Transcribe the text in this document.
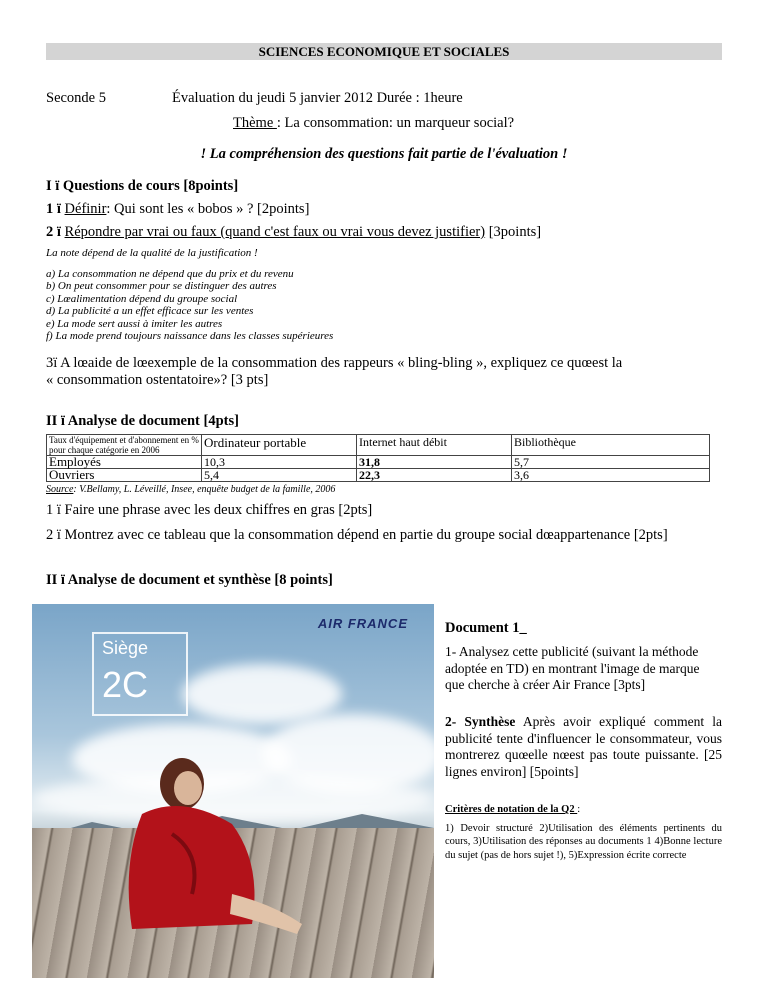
SCIENCES ECONOMIQUE ET SOCIALES
Seconde 5	Évaluation du jeudi 5 janvier 2012 Durée : 1heure
Thème : La consommation: un marqueur social?
! La compréhension des questions fait partie de l'évaluation !
I ï Questions de cours [8points]
1 ï Définir: Qui sont les « bobos » ? [2points]
2 ï Répondre par vrai ou faux (quand c'est faux ou vrai vous devez justifier) [3points]
La note dépend de la qualité de la justification !
a) La consommation ne dépend que du prix et du revenu
b) On peut consommer pour se distinguer des autres
c) Lœalimentation dépend du groupe social
d) La publicité a un effet efficace sur les ventes
e) La mode sert aussi à imiter les autres
f) La mode prend toujours naissance dans les classes supérieures
3ï A lœaide de lœexemple de la consommation des rappeurs « bling-bling », expliquez ce quœest la
« consommation ostentatoire»? [3 pts]
II ï Analyse de document [4pts]
Taux d'équipement et d'abonnement en % pour chaque catégorie en 2006	Ordinateur portable	Internet haut débit	Bibliothèque
Employés	10,3	31,8	5,7
Ouvriers	5,4	22,3	3,6
Source: V.Bellamy, L. Léveillé, Insee, enquête budget de la famille, 2006
1 ï Faire une phrase avec les deux chiffres en gras [2pts]
2 ï Montrez avec ce tableau que la consommation dépend en partie du groupe social dœappartenance [2pts]
II ï Analyse de document et synthèse [8 points]
Siège
2C
AIR FRANCE	Document 1_
1- Analysez cette publicité (suivant la méthode adoptée en TD) en montrant l'image de marque que cherche à créer Air France [3pts]
2- Synthèse Après avoir expliqué comment la publicité tente d'influencer le consommateur, vous montrerez quœelle nœest pas toute puissante. [25 lignes environ] [5points]
Critères de notation de la Q2 :
1) Devoir structuré 2)Utilisation des éléments pertinents du cours, 3)Utilisation des réponses au documents 1 4)Bonne lecture du sujet (pas de hors sujet !), 5)Expression écrite correcte
